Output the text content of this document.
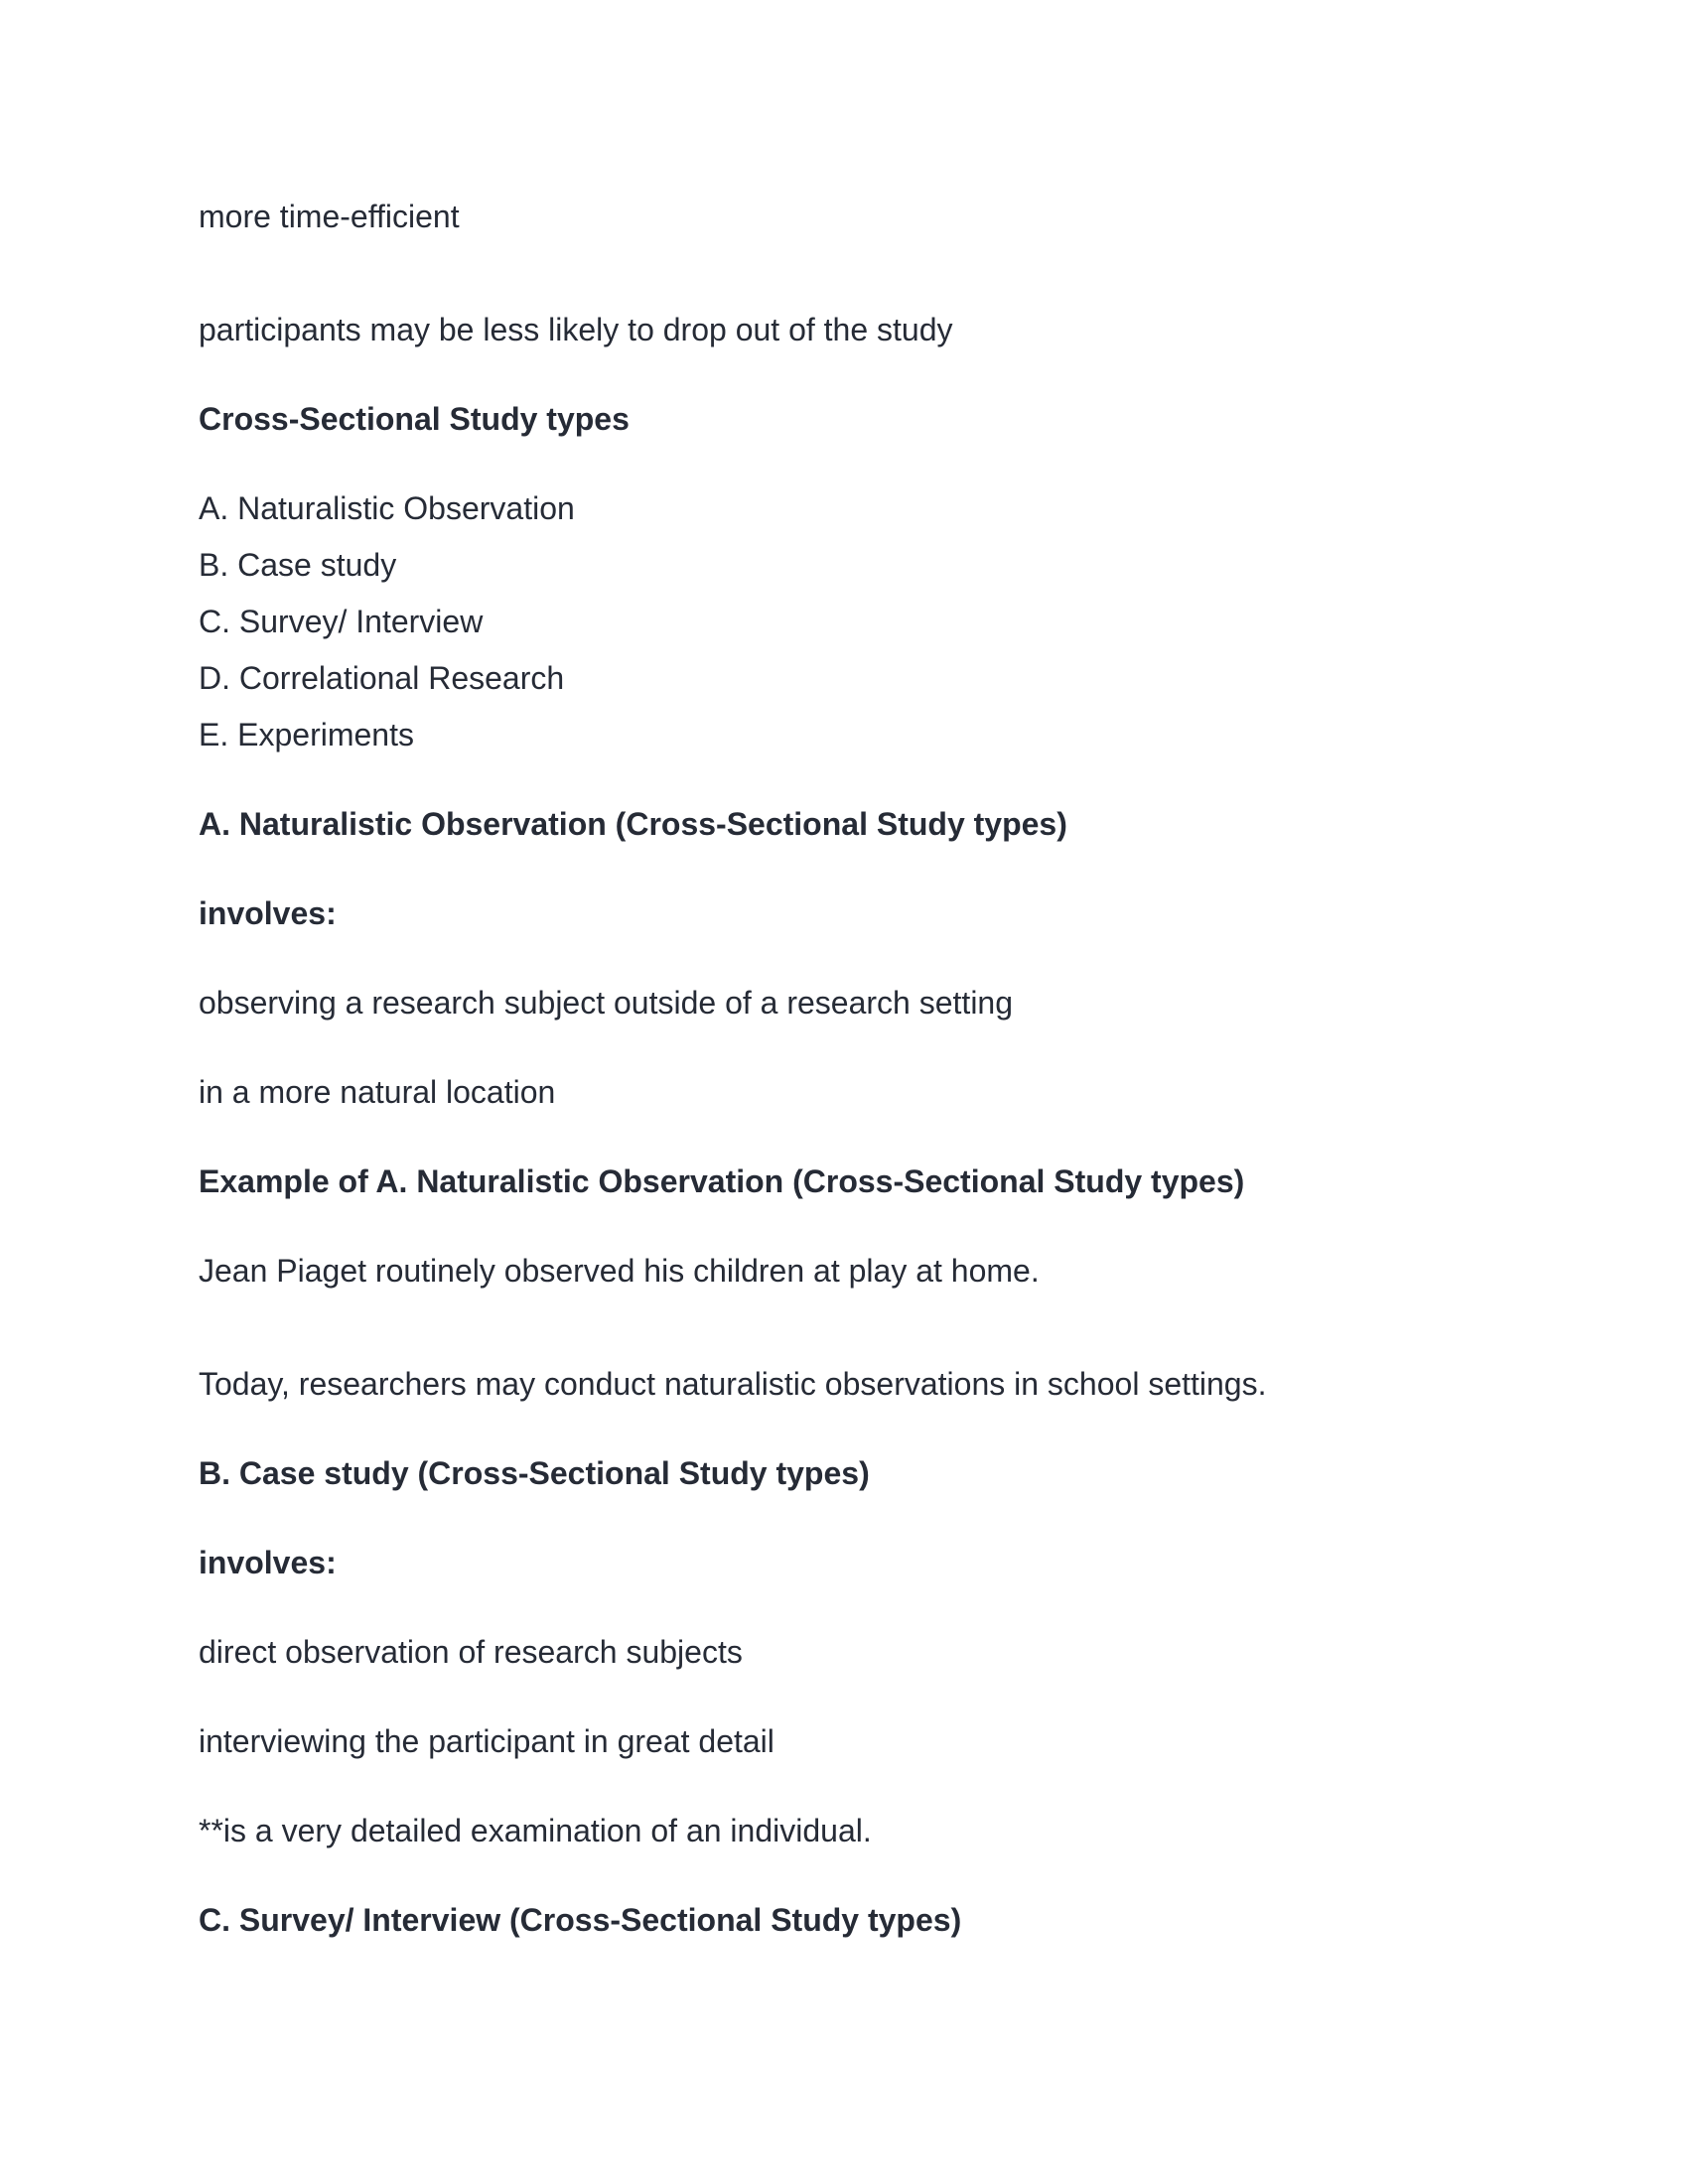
more time-efficient
participants may be less likely to drop out of the study
Cross-Sectional Study types
A. Naturalistic Observation
B. Case study
C. Survey/ Interview
D. Correlational Research
E. Experiments
A. Naturalistic Observation (Cross-Sectional Study types)
involves:
observing a research subject outside of a research setting
in a more natural location
Example of A. Naturalistic Observation (Cross-Sectional Study types)
Jean Piaget routinely observed his children at play at home.
Today, researchers may conduct naturalistic observations in school settings.
B. Case study (Cross-Sectional Study types)
involves:
direct observation of research subjects
interviewing the participant in great detail
**is a very detailed examination of an individual.
C. Survey/ Interview (Cross-Sectional Study types)
